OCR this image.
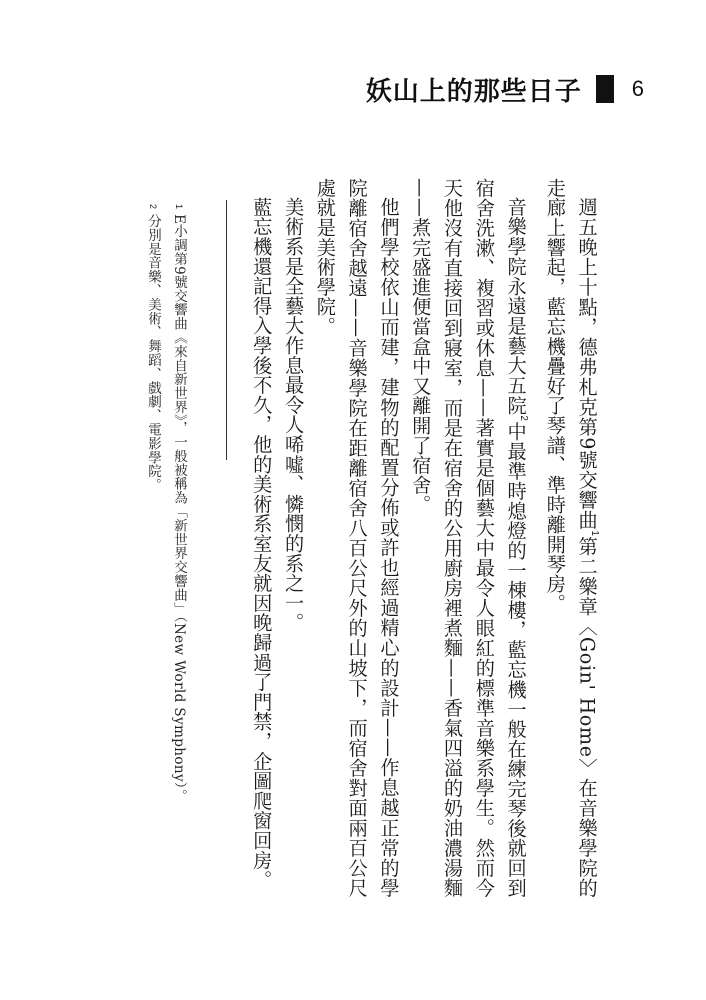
妖山上的那些日子 6

週五晚上十點，德弗札克第9號交響曲$^1$第二樂章〈Goin' Home〉在音樂學院的走廊上響起，藍忘機疊好了琴譜、準時離開琴房。

音樂學院永遠是藝大五院$^2$中最準時熄燈的一棟樓，藍忘機一般在練完琴後就回到宿舍洗漱、複習或休息——著實是個藝大中最令人眼紅的標準音樂系學生。然而今天他沒有直接回到寢室，而是在宿舍的公用廚房裡煮麵——香氣四溢的奶油濃湯麵——煮完盛進便當盒中又離開了宿舍。

他們學校依山而建，建物的配置分佈或許也經過精心的設計——作息越正常的學院離宿舍越遠——音樂學院在距離宿舍八百公尺外的山坡下，而宿舍對面兩百公尺處就是美術學院。

美術系是全藝大作息最令人唏噓、憐憫的系之一。

藍忘機還記得入學後不久，他的美術系室友就因晚歸過了門禁，企圖爬窗回房。

1 E小調第9號交響曲《來自新世界》，一般被稱為「新世界交響曲」（New World Symphony）。

2 分別是音樂、美術、舞蹈、戲劇、電影學院。
